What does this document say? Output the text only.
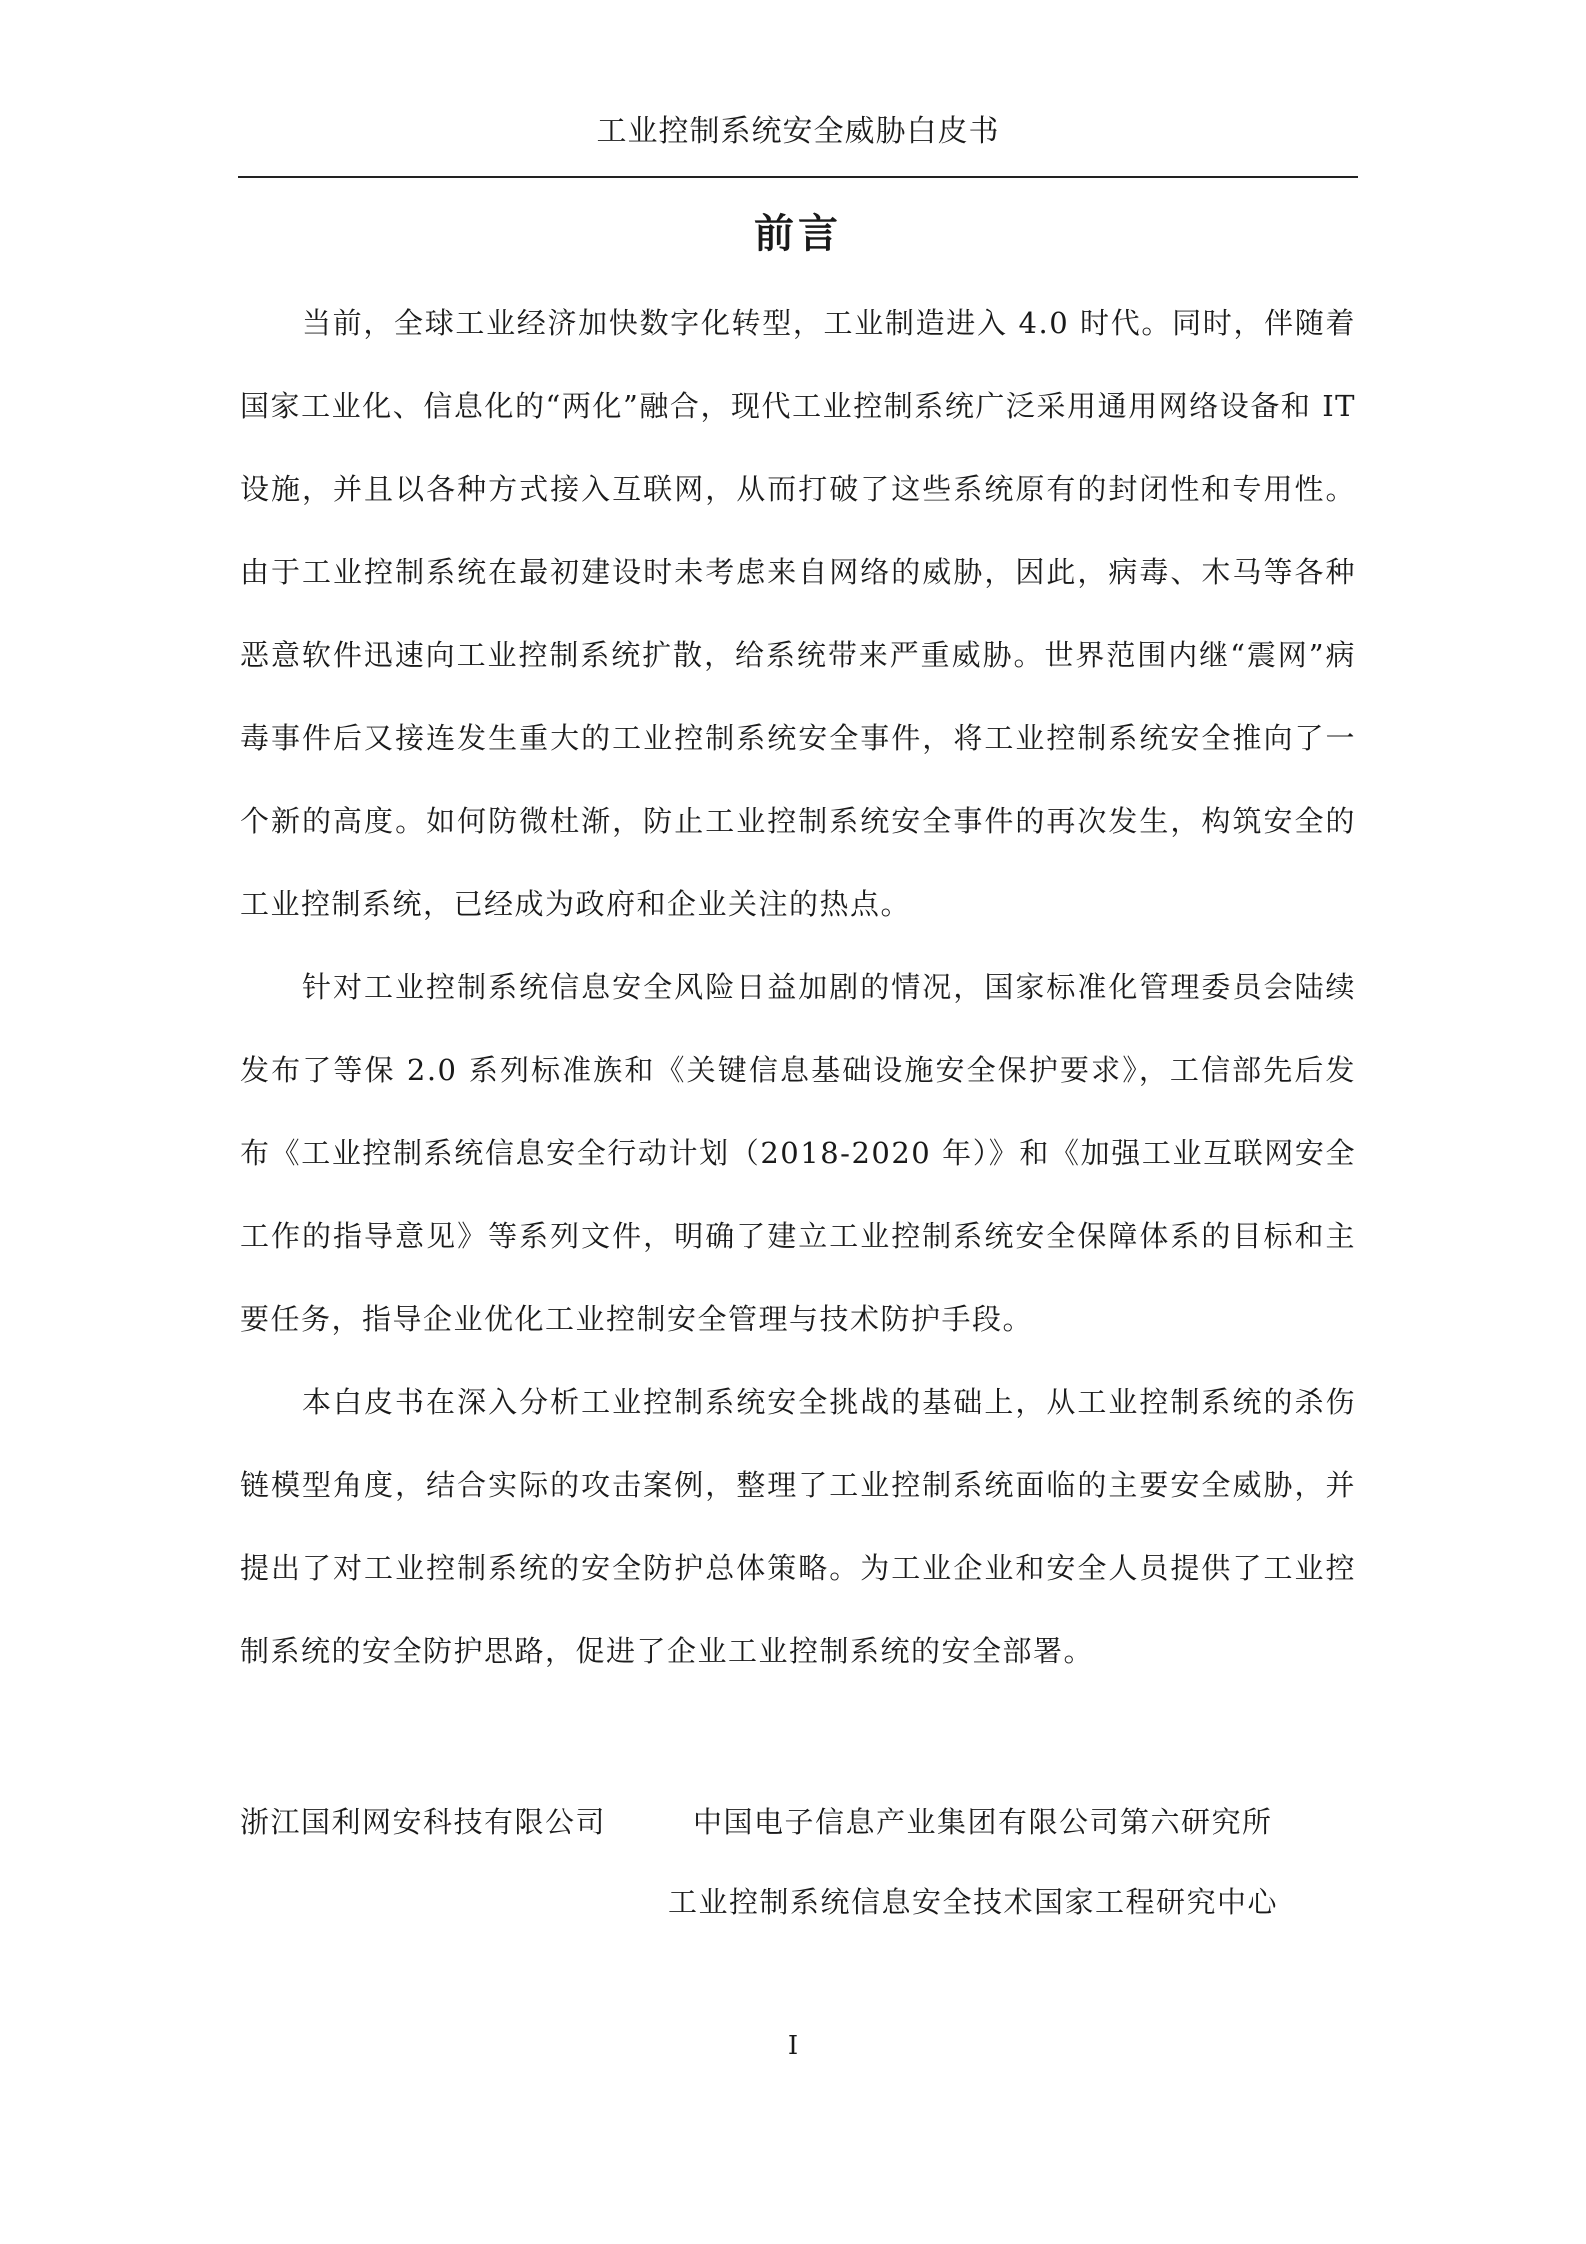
工业控制系统安全威胁白皮书
前言

当前，全球工业经济加快数字化转型，工业制造进入 4.0 时代。同时，伴随着国家工业化、信息化的“两化”融合，现代工业控制系统广泛采用通用网络设备和 IT 设施，并且以各种方式接入互联网，从而打破了这些系统原有的封闭性和专用性。由于工业控制系统在最初建设时未考虑来自网络的威胁，因此，病毒、木马等各种恶意软件迅速向工业控制系统扩散，给系统带来严重威胁。世界范围内继“震网”病毒事件后又接连发生重大的工业控制系统安全事件，将工业控制系统安全推向了一个新的高度。如何防微杜渐，防止工业控制系统安全事件的再次发生，构筑安全的工业控制系统，已经成为政府和企业关注的热点。

针对工业控制系统信息安全风险日益加剧的情况，国家标准化管理委员会陆续发布了等保 2.0 系列标准族和《关键信息基础设施安全保护要求》，工信部先后发布《工业控制系统信息安全行动计划（2018-2020 年）》和《加强工业互联网安全工作的指导意见》等系列文件，明确了建立工业控制系统安全保障体系的目标和主要任务，指导企业优化工业控制安全管理与技术防护手段。

本白皮书在深入分析工业控制系统安全挑战的基础上，从工业控制系统的杀伤链模型角度，结合实际的攻击案例，整理了工业控制系统面临的主要安全威胁，并提出了对工业控制系统的安全防护总体策略。为工业企业和安全人员提供了工业控制系统的安全防护思路，促进了企业工业控制系统的安全部署。

浙江国利网安科技有限公司	中国电子信息产业集团有限公司第六研究所
工业控制系统信息安全技术国家工程研究中心
I
